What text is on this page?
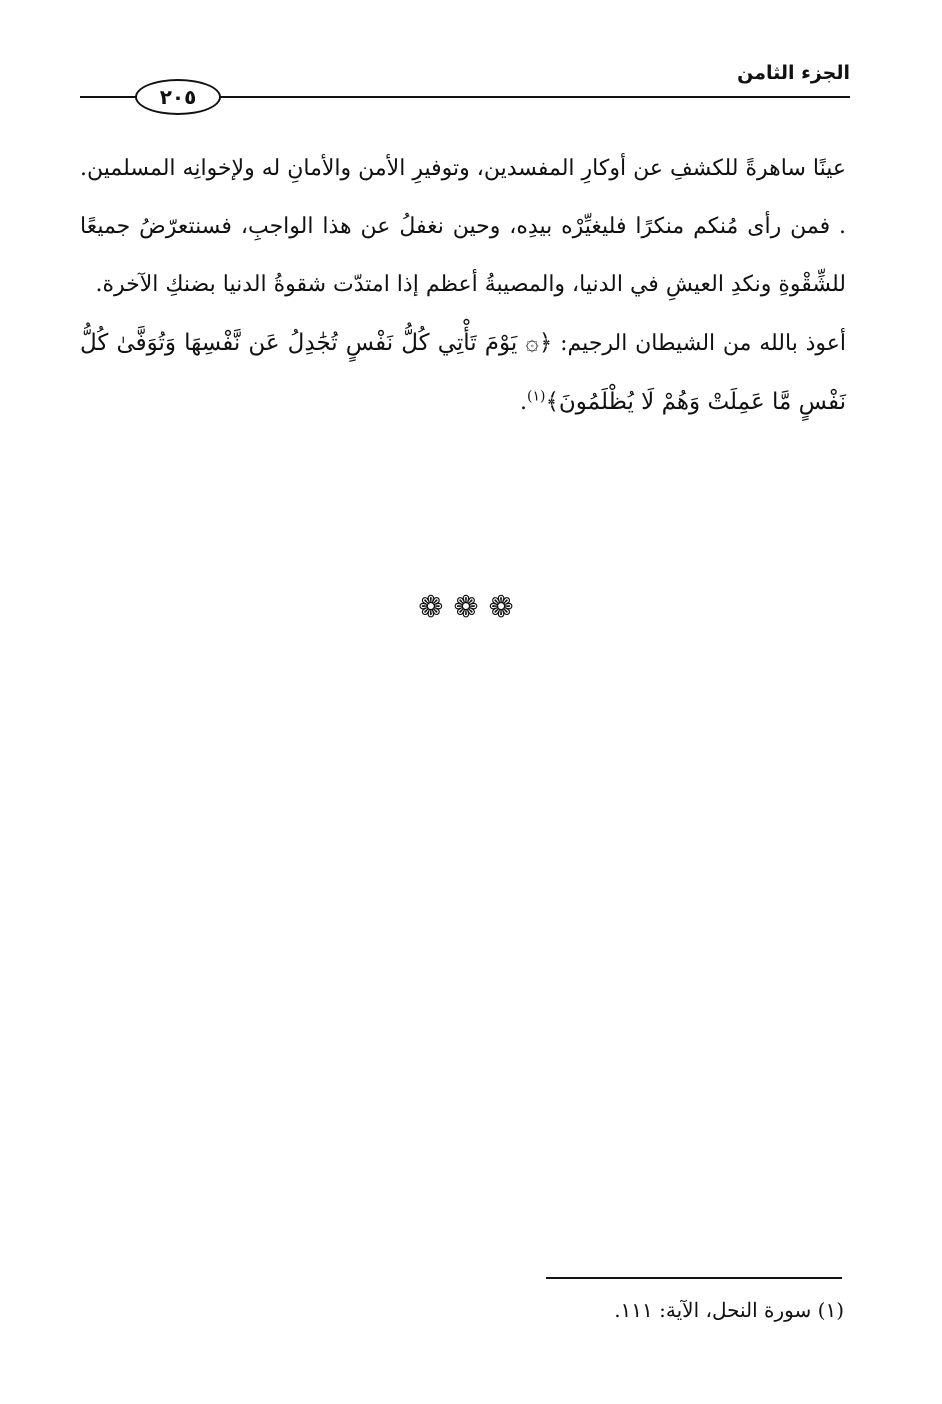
الجزء الثامن
٢٠٥

عينًا ساهرةً للكشفِ عن أوكارِ المفسدين، وتوفيرِ الأمن والأمانِ له ولإخوانِه المسلمين. . فمن رأى مُنكم منكرًا فليغيِّرْه بيدِه، وحين نغفلُ عن هذا الواجبِ، فسنتعرّضُ جميعًا للشِّقْوةِ ونكدِ العيشِ في الدنيا، والمصيبةُ أعظم إذا امتدّت شقوةُ الدنيا بضنكِ الآخرة.

أعوذ بالله من الشيطان الرجيم: ﴿۞ يَوْمَ تَأْتِي كُلُّ نَفْسٍ تُجَٰدِلُ عَن نَّفْسِهَا وَتُوَفَّىٰ كُلُّ نَفْسٍ مَّا عَمِلَتْ وَهُمْ لَا يُظْلَمُونَ﴾$^{(١)}$.

❁❁❁
(١) سورة النحل، الآية: ١١١.
